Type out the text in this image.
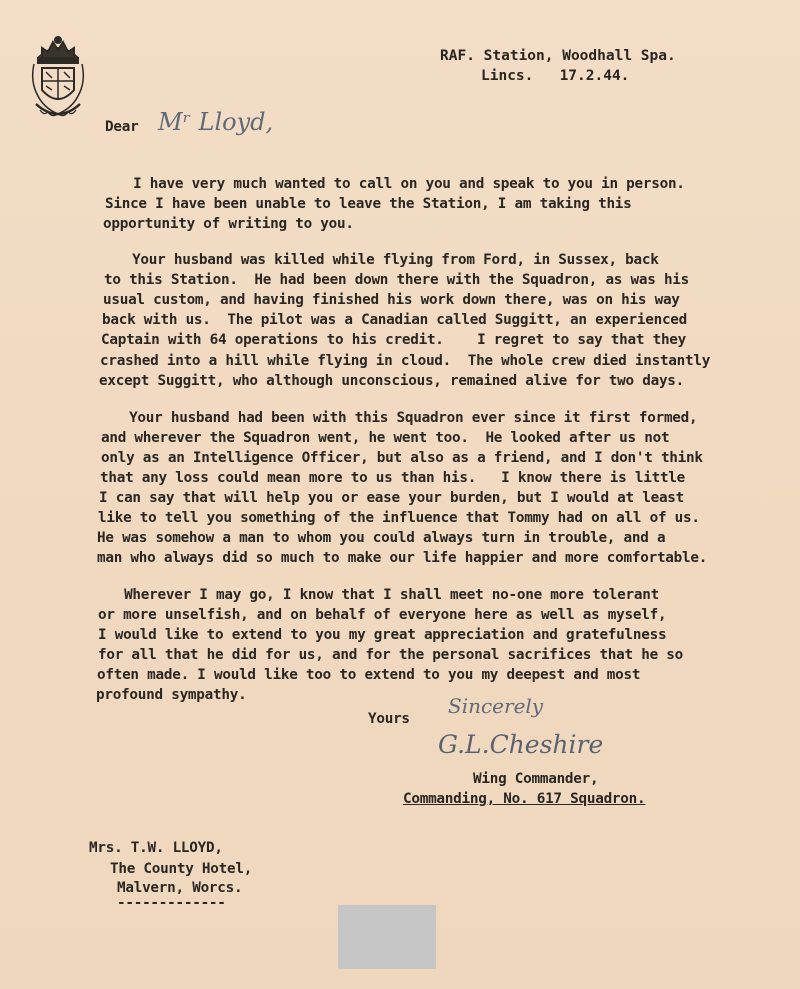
RAF. Station, Woodhall Spa.
Lincs.   17.2.44.
Dear Mʳ Lloyd,
I have very much wanted to call on you and speak to you in person.
Since I have been unable to leave the Station, I am taking this
opportunity of writing to you.
Your husband was killed while flying from Ford, in Sussex, back
to this Station.  He had been down there with the Squadron, as was his
usual custom, and having finished his work down there, was on his way
back with us.  The pilot was a Canadian called Suggitt, an experienced
Captain with 64 operations to his credit.    I regret to say that they
crashed into a hill while flying in cloud.  The whole crew died instantly
except Suggitt, who although unconscious, remained alive for two days.
Your husband had been with this Squadron ever since it first formed,
and wherever the Squadron went, he went too.  He looked after us not
only as an Intelligence Officer, but also as a friend, and I don't think
that any loss could mean more to us than his.   I know there is little
I can say that will help you or ease your burden, but I would at least
like to tell you something of the influence that Tommy had on all of us.
He was somehow a man to whom you could always turn in trouble, and a
man who always did so much to make our life happier and more comfortable.
Wherever I may go, I know that I shall meet no-one more tolerant
or more unselfish, and on behalf of everyone here as well as myself,
I would like to extend to you my great appreciation and gratefulness
for all that he did for us, and for the personal sacrifices that he so
often made. I would like too to extend to you my deepest and most
profound sympathy.
Yours
Sincerely
G.L.Cheshire
Wing Commander,
Commanding, No. 617 Squadron.
Mrs. T.W. LLOYD,
The County Hotel,
Malvern, Worcs.
-------------
